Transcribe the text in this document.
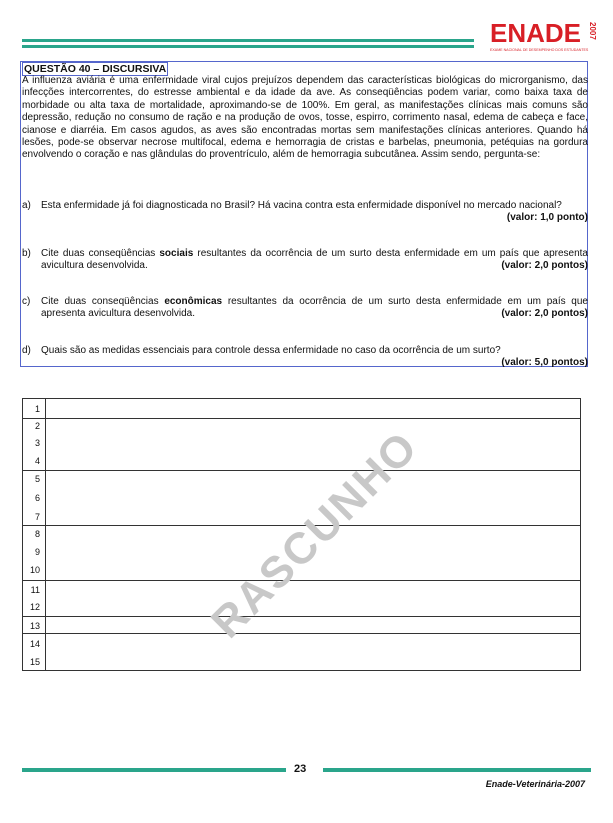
ENADE 2007
EXAME NACIONAL DE DESEMPENHO DOS ESTUDANTES
QUESTÃO 40 – DISCURSIVA
A influenza aviária é uma enfermidade viral cujos prejuízos dependem das características biológicas do microrganismo, das infecções intercorrentes, do estresse ambiental e da idade da ave. As conseqüências podem variar, como baixa taxa de morbidade ou alta taxa de mortalidade, aproximando-se de 100%. Em geral, as manifestações clínicas mais comuns são depressão, redução no consumo de ração e na produção de ovos, tosse, espirro, corrimento nasal, edema de cabeça e face, cianose e diarréia. Em casos agudos, as aves são encontradas mortas sem manifestações clínicas anteriores. Quando há lesões, pode-se observar necrose multifocal, edema e hemorragia de cristas e barbelas, pneumonia, petéquias na gordura envolvendo o coração e nas glândulas do proventrículo, além de hemorragia subcutânea. Assim sendo, pergunta-se:
a) Esta enfermidade já foi diagnosticada no Brasil? Há vacina contra esta enfermidade disponível no mercado nacional?
(valor: 1,0 ponto)
b) Cite duas conseqüências sociais resultantes da ocorrência de um surto desta enfermidade em um país que apresenta avicultura desenvolvida.	(valor: 2,0 pontos)
c) Cite duas conseqüências econômicas resultantes da ocorrência de um surto desta enfermidade em um país que apresenta avicultura desenvolvida.	(valor: 2,0 pontos)
d) Quais são as medidas essenciais para controle dessa enfermidade no caso da ocorrência de um surto?
(valor: 5,0 pontos)
1
2
3
4
5
6
7
8
9
10
11
12
13
14
15
RASCUNHO
23
Enade-Veterinária-2007
